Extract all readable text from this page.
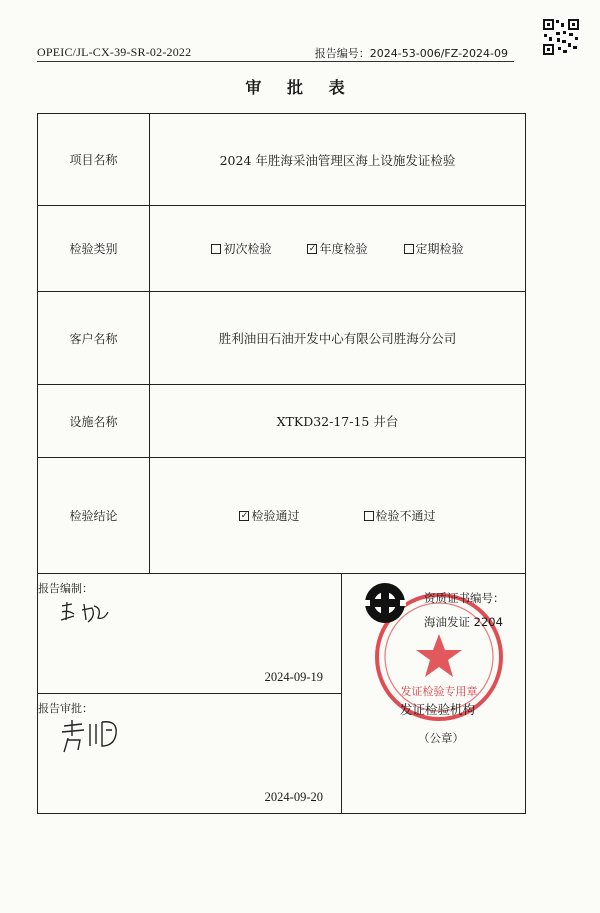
OPEIC/JL-CX-39-SR-02-2022	报告编号：2024-53-006/FZ-2024-09
审 批 表
项目名称	2024 年胜海采油管理区海上设施发证检验
检验类别	初次检验	✓ 年度检验	定期检验
客户名称	胜利油田石油开发中心有限公司胜海分公司
设施名称	XTKD32-17-15 井台
检验结论	✓ 检验通过	检验不通过
报告编制：
2024-09-19
报告审批：
2024-09-20
发证检验专用章
资质证书编号：
海油发证 2204
发证检验机构
（公章）
